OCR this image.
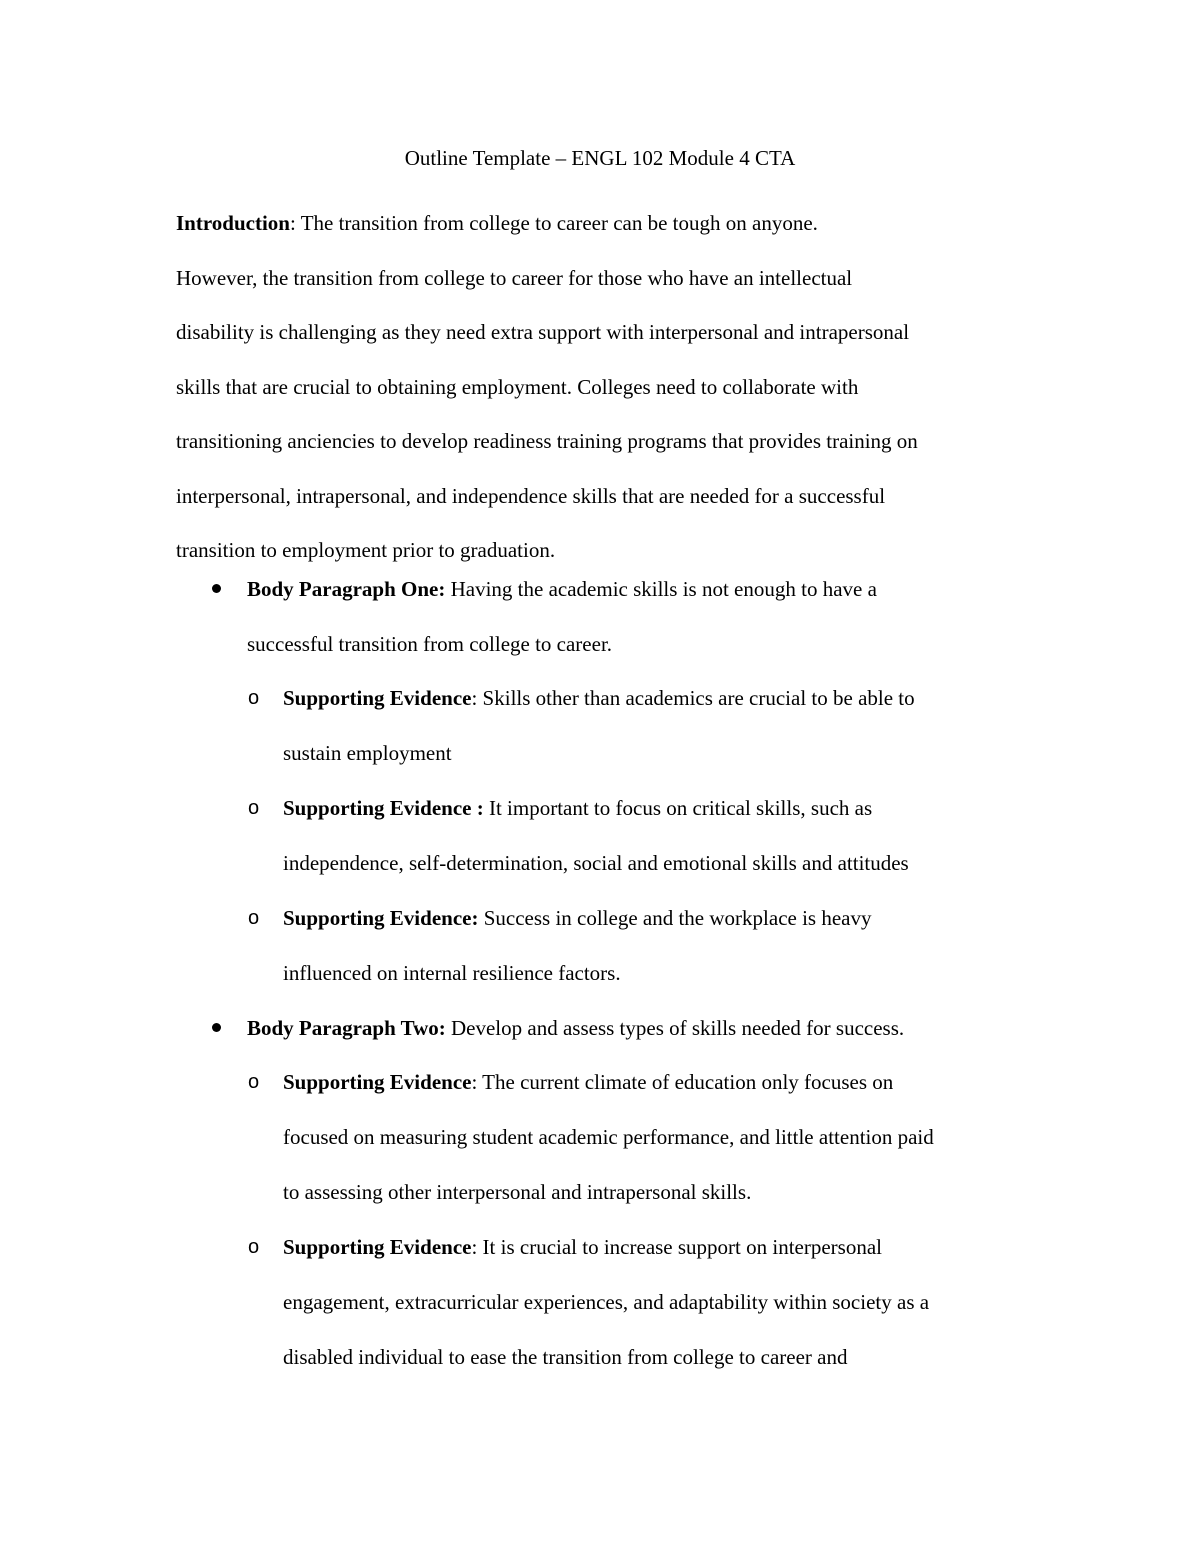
Outline Template – ENGL 102 Module 4 CTA
Introduction: The transition from college to career can be tough on anyone.
However, the transition from college to career for those who have an intellectual
disability is challenging as they need extra support with interpersonal and intrapersonal
skills that are crucial to obtaining employment. Colleges need to collaborate with
transitioning anciencies to develop readiness training programs that provides training on
interpersonal, intrapersonal, and independence skills that are needed for a successful
transition to employment prior to graduation.
Body Paragraph One: Having the academic skills is not enough to have a
successful transition from college to career.
o Supporting Evidence: Skills other than academics are crucial to be able to
sustain employment
o Supporting Evidence : It important to focus on critical skills, such as
independence, self-determination, social and emotional skills and attitudes
o Supporting Evidence: Success in college and the workplace is heavy
influenced on internal resilience factors.
Body Paragraph Two: Develop and assess types of skills needed for success.
o Supporting Evidence: The current climate of education only focuses on
focused on measuring student academic performance, and little attention paid
to assessing other interpersonal and intrapersonal skills.
o Supporting Evidence: It is crucial to increase support on interpersonal
engagement, extracurricular experiences, and adaptability within society as a
disabled individual to ease the transition from college to career and
